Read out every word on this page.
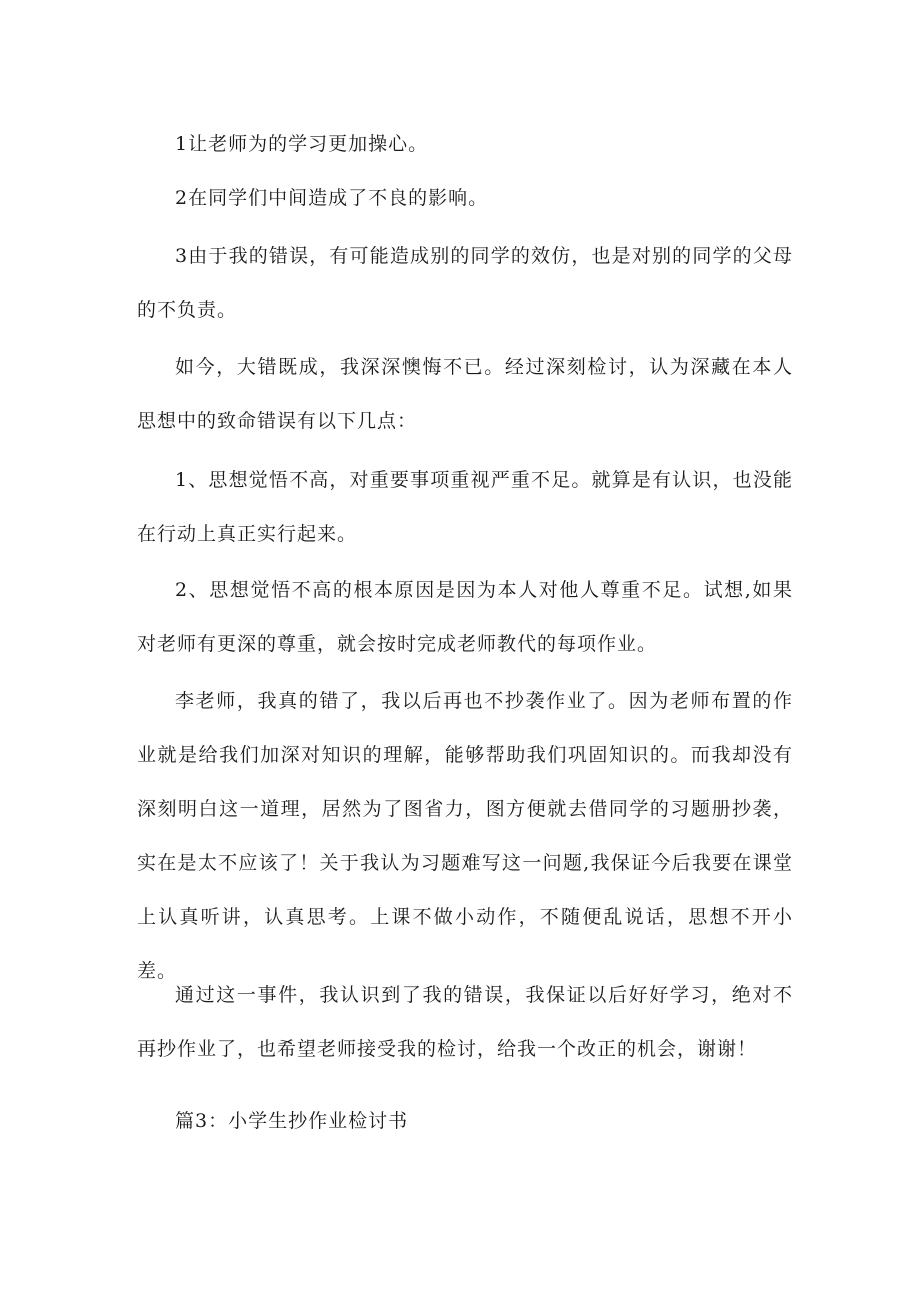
1让老师为的学习更加操心。

2在同学们中间造成了不良的影响。

3由于我的错误，有可能造成别的同学的效仿，也是对别的同学的父母的不负责。

如今，大错既成，我深深懊悔不已。经过深刻检讨，认为深藏在本人思想中的致命错误有以下几点：

1、思想觉悟不高，对重要事项重视严重不足。就算是有认识，也没能在行动上真正实行起来。

2、思想觉悟不高的根本原因是因为本人对他人尊重不足。试想,如果对老师有更深的尊重，就会按时完成老师教代的每项作业。

李老师，我真的错了，我以后再也不抄袭作业了。因为老师布置的作业就是给我们加深对知识的理解，能够帮助我们巩固知识的。而我却没有深刻明白这一道理，居然为了图省力，图方便就去借同学的习题册抄袭，实在是太不应该了！关于我认为习题难写这一问题,我保证今后我要在课堂上认真听讲，认真思考。上课不做小动作，不随便乱说话，思想不开小差。

通过这一事件，我认识到了我的错误，我保证以后好好学习，绝对不再抄作业了，也希望老师接受我的检讨，给我一个改正的机会，谢谢！

篇3：小学生抄作业检讨书
